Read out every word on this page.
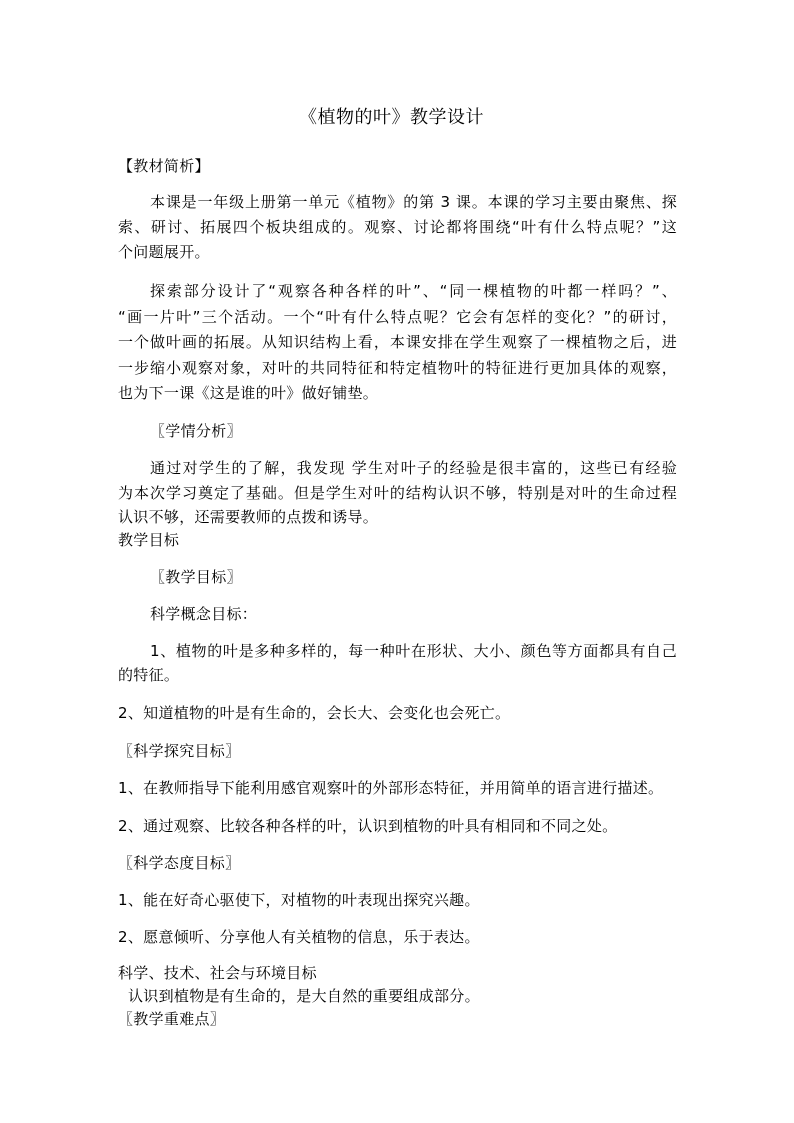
《植物的叶》教学设计
【教材简析】
本课是一年级上册第一单元《植物》的第 3 课。本课的学习主要由聚焦、探
索、研讨、拓展四个板块组成的。观察、讨论都将围绕“叶有什么特点呢？”这
个问题展开。
探索部分设计了“观察各种各样的叶”、“同一棵植物的叶都一样吗？”、
“画一片叶”三个活动。一个“叶有什么特点呢？它会有怎样的变化？”的研讨，
一个做叶画的拓展。从知识结构上看，本课安排在学生观察了一棵植物之后，进
一步缩小观察对象，对叶的共同特征和特定植物叶的特征进行更加具体的观察，
也为下一课《这是谁的叶》做好铺垫。
〖学情分析〗
通过对学生的了解，我发现 学生对叶子的经验是很丰富的，这些已有经验
为本次学习奠定了基础。但是学生对叶的结构认识不够，特别是对叶的生命过程
认识不够，还需要教师的点拨和诱导。
教学目标
〖教学目标〗
科学概念目标：
1、植物的叶是多种多样的，每一种叶在形状、大小、颜色等方面都具有自己
的特征。
2、知道植物的叶是有生命的，会长大、会变化也会死亡。
〖科学探究目标〗
1、在教师指导下能利用感官观察叶的外部形态特征，并用简单的语言进行描述。
2、通过观察、比较各种各样的叶，认识到植物的叶具有相同和不同之处。
〖科学态度目标〗
1、能在好奇心驱使下，对植物的叶表现出探究兴趣。
2、愿意倾听、分享他人有关植物的信息，乐于表达。
科学、技术、社会与环境目标
认识到植物是有生命的，是大自然的重要组成部分。
〖教学重难点〗
